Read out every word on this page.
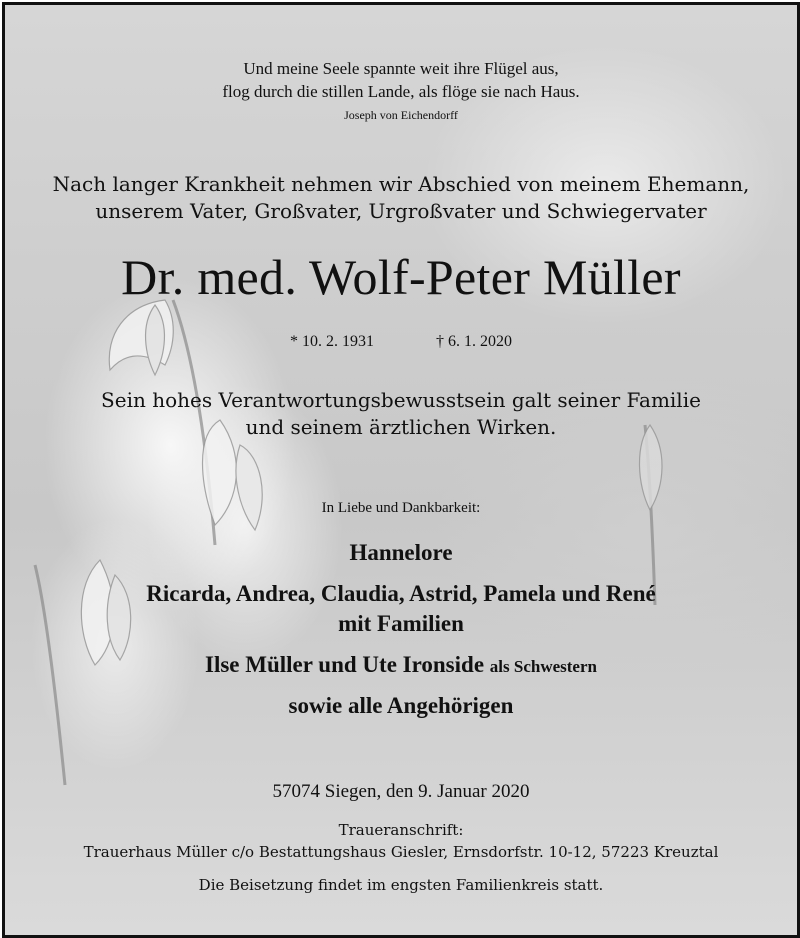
Und meine Seele spannte weit ihre Flügel aus,
flog durch die stillen Lande, als flöge sie nach Haus.
Joseph von Eichendorff
Nach langer Krankheit nehmen wir Abschied von meinem Ehemann,
unserem Vater, Großvater, Urgroßvater und Schwiegervater
Dr. med. Wolf-Peter Müller
* 10. 2. 1931	† 6. 1. 2020
Sein hohes Verantwortungsbewusstsein galt seiner Familie
und seinem ärztlichen Wirken.
In Liebe und Dankbarkeit:
Hannelore
Ricarda, Andrea, Claudia, Astrid, Pamela und René
mit Familien
Ilse Müller und Ute Ironside als Schwestern
sowie alle Angehörigen
57074 Siegen, den 9. Januar 2020
Traueranschrift:
Trauerhaus Müller c/o Bestattungshaus Giesler, Ernsdorfstr. 10-12, 57223 Kreuztal
Die Beisetzung findet im engsten Familienkreis statt.
